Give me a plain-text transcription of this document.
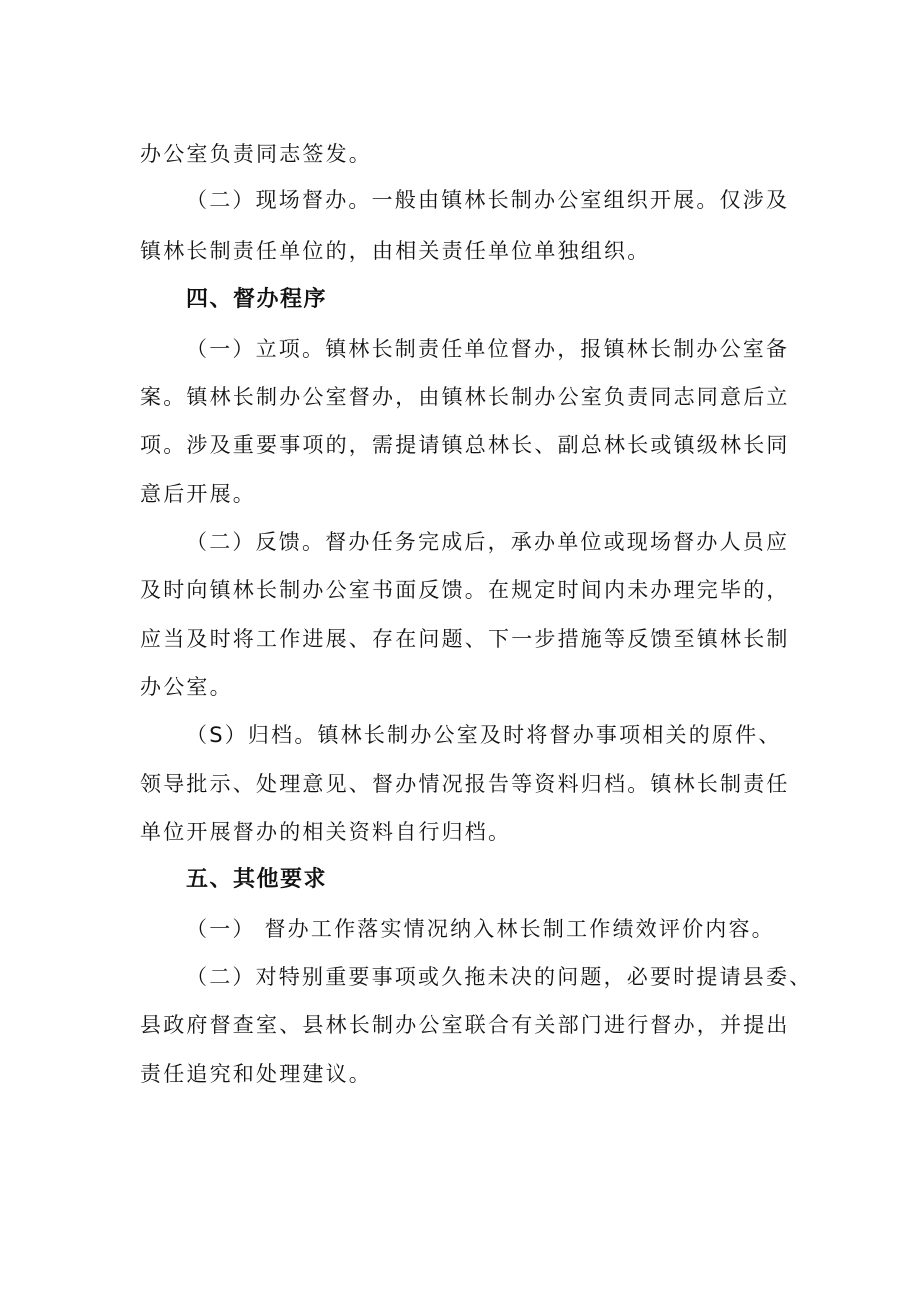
办公室负责同志签发。
（二）现场督办。一般由镇林长制办公室组织开展。仅涉及
镇林长制责任单位的，由相关责任单位单独组织。
四、督办程序
（一）立项。镇林长制责任单位督办，报镇林长制办公室备
案。镇林长制办公室督办，由镇林长制办公室负责同志同意后立
项。涉及重要事项的，需提请镇总林长、副总林长或镇级林长同
意后开展。
（二）反馈。督办任务完成后，承办单位或现场督办人员应
及时向镇林长制办公室书面反馈。在规定时间内未办理完毕的，
应当及时将工作进展、存在问题、下一步措施等反馈至镇林长制
办公室。
（S）归档。镇林长制办公室及时将督办事项相关的原件、
领导批示、处理意见、督办情况报告等资料归档。镇林长制责任
单位开展督办的相关资料自行归档。
五、其他要求
（一） 督办工作落实情况纳入林长制工作绩效评价内容。
（二）对特别重要事项或久拖未决的问题，必要时提请县委、
县政府督查室、县林长制办公室联合有关部门进行督办，并提出
责任追究和处理建议。
